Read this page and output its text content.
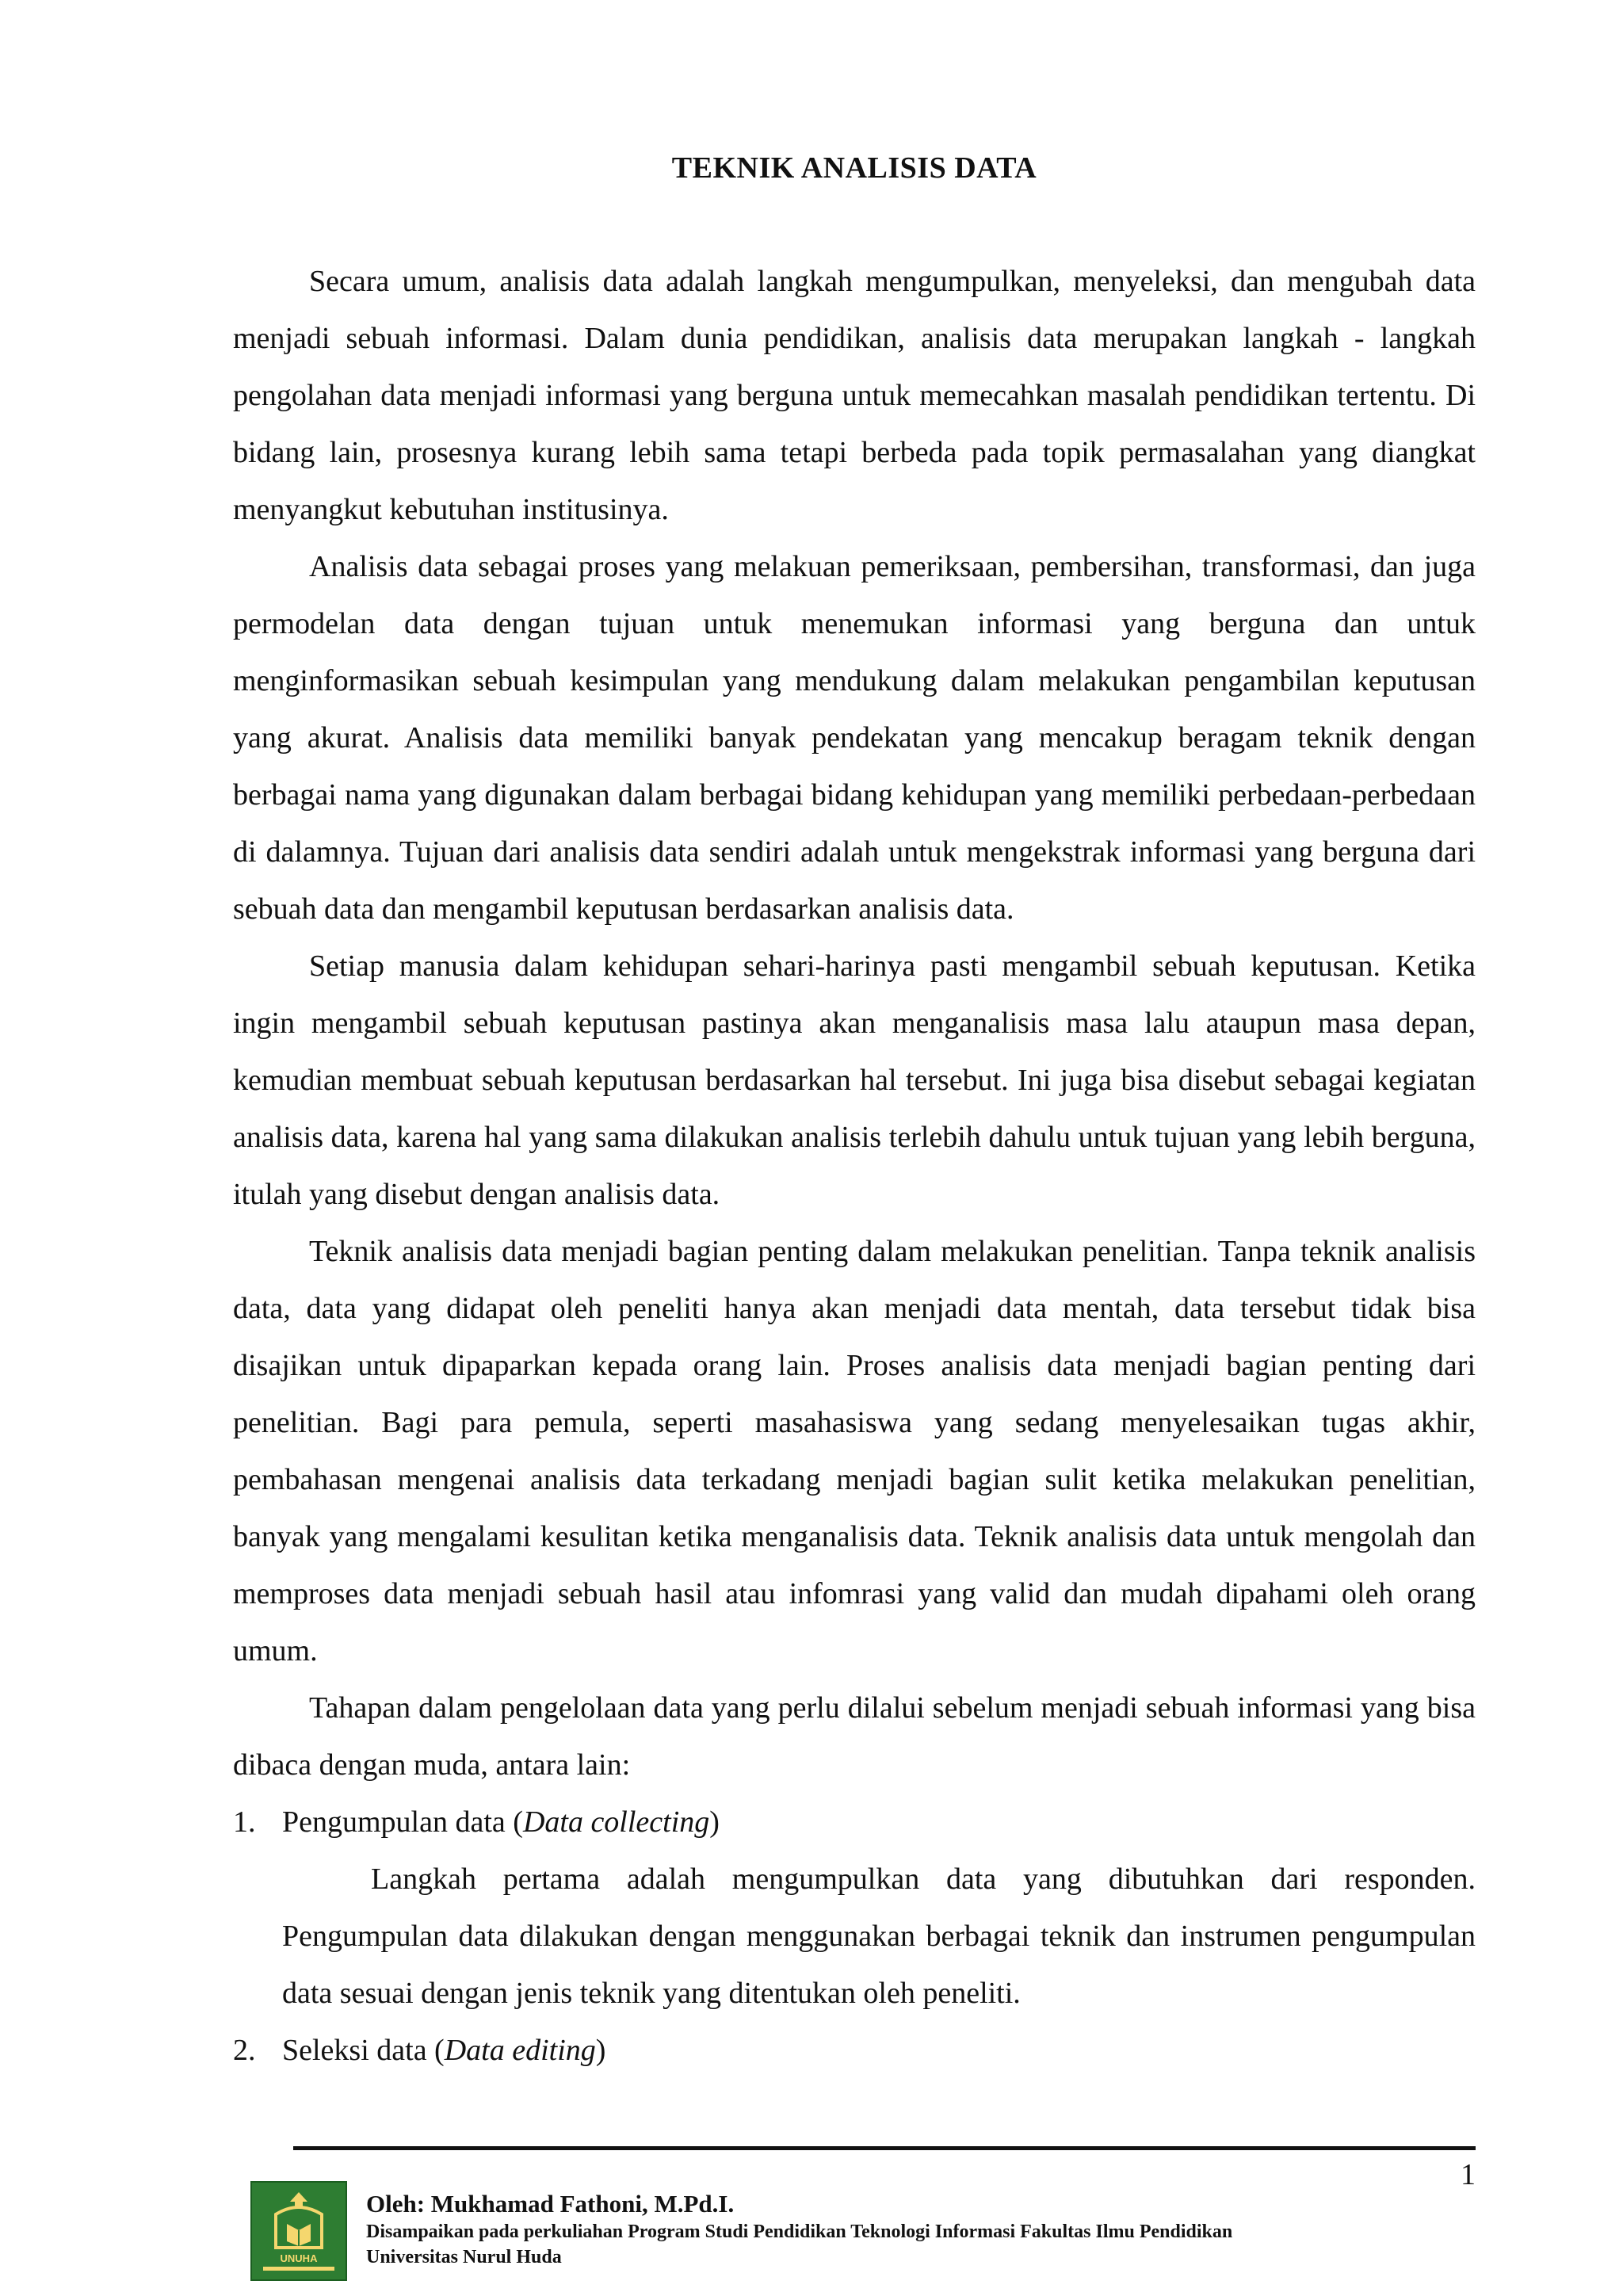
TEKNIK ANALISIS DATA

Secara umum, analisis data adalah langkah mengumpulkan, menyeleksi, dan mengubah data menjadi sebuah informasi. Dalam dunia pendidikan, analisis data merupakan langkah - langkah pengolahan data menjadi informasi yang berguna untuk memecahkan masalah pendidikan tertentu. Di bidang lain, prosesnya kurang lebih sama tetapi berbeda pada topik permasalahan yang diangkat menyangkut kebutuhan institusinya.

Analisis data sebagai proses yang melakuan pemeriksaan, pembersihan, transformasi, dan juga permodelan data dengan tujuan untuk menemukan informasi yang berguna dan untuk menginformasikan sebuah kesimpulan yang mendukung dalam melakukan pengambilan keputusan yang akurat. Analisis data memiliki banyak pendekatan yang mencakup beragam teknik dengan berbagai nama yang digunakan dalam berbagai bidang kehidupan yang memiliki perbedaan-perbedaan di dalamnya. Tujuan dari analisis data sendiri adalah untuk mengekstrak informasi yang berguna dari sebuah data dan mengambil keputusan berdasarkan analisis data.

Setiap manusia dalam kehidupan sehari-harinya pasti mengambil sebuah keputusan. Ketika ingin mengambil sebuah keputusan pastinya akan menganalisis masa lalu ataupun masa depan, kemudian membuat sebuah keputusan berdasarkan hal tersebut. Ini juga bisa disebut sebagai kegiatan analisis data, karena hal yang sama dilakukan analisis terlebih dahulu untuk tujuan yang lebih berguna, itulah yang disebut dengan analisis data.

Teknik analisis data menjadi bagian penting dalam melakukan penelitian. Tanpa teknik analisis data, data yang didapat oleh peneliti hanya akan menjadi data mentah, data tersebut tidak bisa disajikan untuk dipaparkan kepada orang lain. Proses analisis data menjadi bagian penting dari penelitian. Bagi para pemula, seperti masahasiswa yang sedang menyelesaikan tugas akhir, pembahasan mengenai analisis data terkadang menjadi bagian sulit ketika melakukan penelitian, banyak yang mengalami kesulitan ketika menganalisis data. Teknik analisis data untuk mengolah dan memproses data menjadi sebuah hasil atau infomrasi yang valid dan mudah dipahami oleh orang umum.

Tahapan dalam pengelolaan data yang perlu dilalui sebelum menjadi sebuah informasi yang bisa dibaca dengan muda, antara lain:

1. Pengumpulan data (Data collecting)

Langkah pertama adalah mengumpulkan data yang dibutuhkan dari responden. Pengumpulan data dilakukan dengan menggunakan berbagai teknik dan instrumen pengumpulan data sesuai dengan jenis teknik yang ditentukan oleh peneliti.

2. Seleksi data (Data editing)
1
UNUHA
Oleh: Mukhamad Fathoni, M.Pd.I.
Disampaikan pada perkuliahan Program Studi Pendidikan Teknologi Informasi Fakultas Ilmu Pendidikan
Universitas Nurul Huda
